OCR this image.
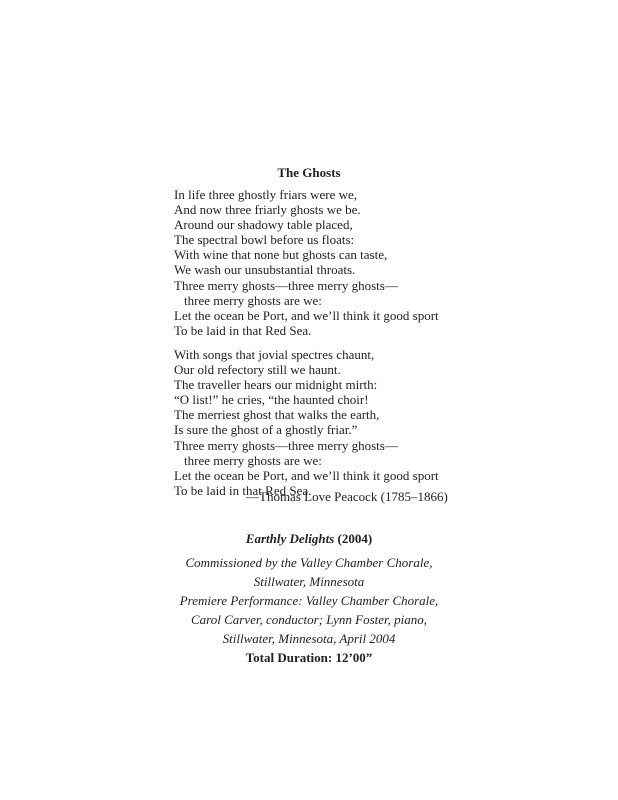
The Ghosts

In life three ghostly friars were we,
And now three friarly ghosts we be.
Around our shadowy table placed,
The spectral bowl before us floats:
With wine that none but ghosts can taste,
We wash our unsubstantial throats.
Three merry ghosts—three merry ghosts—
three merry ghosts are we:
Let the ocean be Port, and we’ll think it good sport
To be laid in that Red Sea.

With songs that jovial spectres chaunt,
Our old refectory still we haunt.
The traveller hears our midnight mirth:
“O list!” he cries, “the haunted choir!
The merriest ghost that walks the earth,
Is sure the ghost of a ghostly friar.”
Three merry ghosts—three merry ghosts—
three merry ghosts are we:
Let the ocean be Port, and we’ll think it good sport
To be laid in that Red Sea.

—Thomas Love Peacock (1785–1866)
Earthly Delights (2004)
Commissioned by the Valley Chamber Chorale,
Stillwater, Minnesota
Premiere Performance: Valley Chamber Chorale,
Carol Carver, conductor; Lynn Foster, piano,
Stillwater, Minnesota, April 2004
Total Duration: 12’00”
